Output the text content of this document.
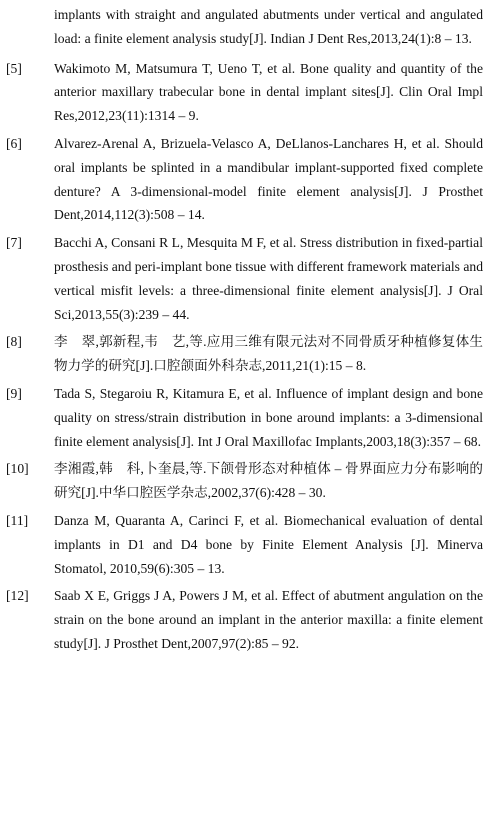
implants with straight and angulated abutments under vertical and angulated load: a finite element analysis study[J]. Indian J Dent Res,2013,24(1):8 – 13.
[5] Wakimoto M, Matsumura T, Ueno T, et al. Bone quality and quantity of the anterior maxillary trabecular bone in dental implant sites[J]. Clin Oral Impl Res,2012,23(11):1314 – 9.
[6] Alvarez-Arenal A, Brizuela-Velasco A, DeLlanos-Lanchares H, et al. Should oral implants be splinted in a mandibular implant-supported fixed complete denture? A 3-dimensional-model finite element analysis[J]. J Prosthet Dent,2014,112(3):508 – 14.
[7] Bacchi A, Consani R L, Mesquita M F, et al. Stress distribution in fixed-partial prosthesis and peri-implant bone tissue with different framework materials and vertical misfit levels: a three-dimensional finite element analysis[J]. J Oral Sci,2013,55(3):239 – 44.
[8] 李　翠,郭新程,韦　艺,等.应用三维有限元法对不同骨质牙种植修复体生物力学的研究[J].口腔颌面外科杂志,2011,21(1):15 – 8.
[9] Tada S, Stegaroiu R, Kitamura E, et al. Influence of implant design and bone quality on stress/strain distribution in bone around implants: a 3-dimensional finite element analysis[J]. Int J Oral Maxillofac Implants,2003,18(3):357 – 68.
[10] 李湘霞,韩　科,卜奎晨,等.下颌骨形态对种植体 – 骨界面应力分布影响的研究[J].中华口腔医学杂志,2002,37(6):428 – 30.
[11] Danza M, Quaranta A, Carinci F, et al. Biomechanical evaluation of dental implants in D1 and D4 bone by Finite Element Analysis [J]. Minerva Stomatol, 2010,59(6):305 – 13.
[12] Saab X E, Griggs J A, Powers J M, et al. Effect of abutment angulation on the strain on the bone around an implant in the anterior maxilla: a finite element study[J]. J Prosthet Dent,2007,97(2):85 – 92.
